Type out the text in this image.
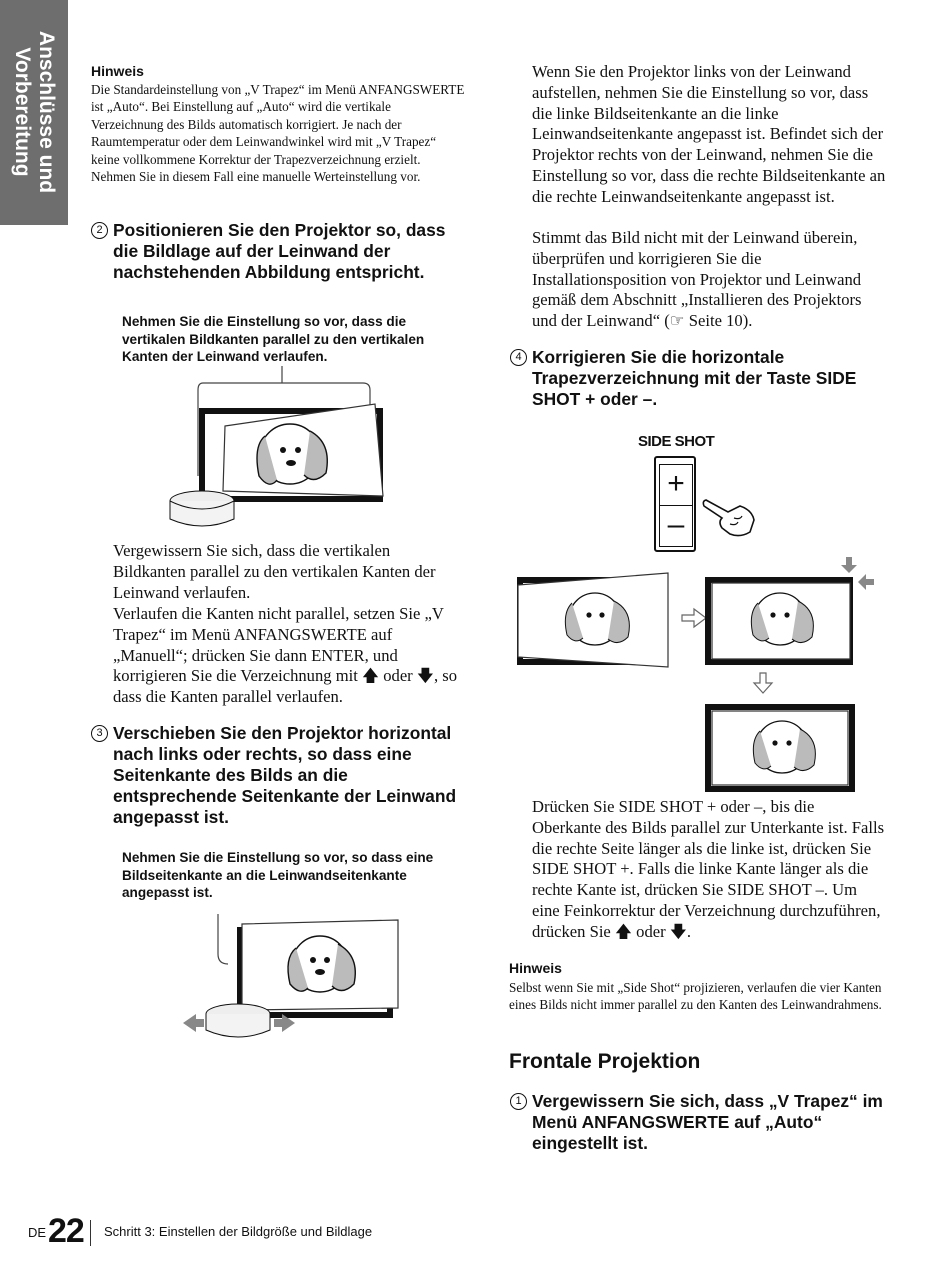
Anschlüsse und
Vorbereitung	Hinweis
Die Standardeinstellung von „V Trapez“ im Menü ANFANGSWERTE ist „Auto“. Bei Einstellung auf „Auto“ wird die vertikale Verzeichnung des Bilds automatisch korrigiert. Je nach der Raumtemperatur oder dem Leinwandwinkel wird mit „V Trapez“ keine vollkommene Korrektur der Trapezverzeichnung erzielt. Nehmen Sie in diesem Fall eine manuelle Werteinstellung vor.
2 Positionieren Sie den Projektor so, dass die Bildlage auf der Leinwand der nachstehenden Abbildung entspricht.
Nehmen Sie die Einstellung so vor, dass die vertikalen Bildkanten parallel zu den vertikalen Kanten der Leinwand verlaufen.
Vergewissern Sie sich, dass die vertikalen Bildkanten parallel zu den vertikalen Kanten der Leinwand verlaufen.
Verlaufen die Kanten nicht parallel, setzen Sie „V Trapez“ im Menü ANFANGSWERTE auf „Manuell“; drücken Sie dann ENTER, und korrigieren Sie die Verzeichnung mit 🡅 oder 🡇, so dass die Kanten parallel verlaufen.
3 Verschieben Sie den Projektor horizontal nach links oder rechts, so dass eine Seitenkante des Bilds an die entsprechende Seitenkante der Leinwand angepasst ist.
Nehmen Sie die Einstellung so vor, so dass eine Bildseitenkante an die Leinwandseitenkante angepasst ist.
Wenn Sie den Projektor links von der Leinwand aufstellen, nehmen Sie die Einstellung so vor, dass die linke Bildseitenkante an die linke Leinwandseitenkante angepasst ist. Befindet sich der Projektor rechts von der Leinwand, nehmen Sie die Einstellung so vor, dass die rechte Bildseitenkante an die rechte Leinwandseitenkante angepasst ist.
Stimmt das Bild nicht mit der Leinwand überein, überprüfen und korrigieren Sie die Installationsposition von Projektor und Leinwand gemäß dem Abschnitt „Installieren des Projektors und der Leinwand“ (☞ Seite 10).
4 Korrigieren Sie die horizontale Trapezverzeichnung mit der Taste SIDE SHOT + oder –.
SIDE SHOT
+
–
Drücken Sie SIDE SHOT + oder –, bis die Oberkante des Bilds parallel zur Unterkante ist. Falls die rechte Seite länger als die linke ist, drücken Sie SIDE SHOT +. Falls die linke Kante länger als die rechte Kante ist, drücken Sie SIDE SHOT –. Um eine Feinkorrektur der Verzeichnung durchzuführen, drücken Sie 🡅 oder 🡇.
Hinweis
Selbst wenn Sie mit „Side Shot“ projizieren, verlaufen die vier Kanten eines Bilds nicht immer parallel zu den Kanten des Leinwandrahmens.
Frontale Projektion
1 Vergewissern Sie sich, dass „V Trapez“ im Menü ANFANGSWERTE auf „Auto“ eingestellt ist.
DE 22 Schritt 3: Einstellen der Bildgröße und Bildlage
